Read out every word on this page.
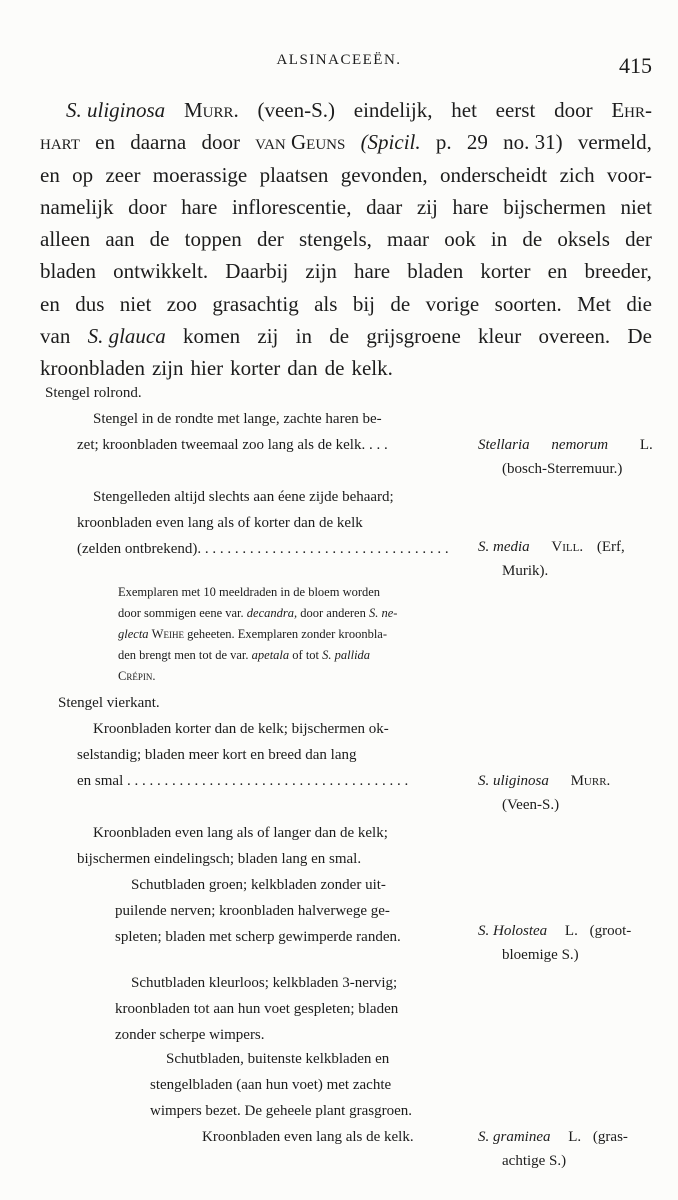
ALSINACEEËN.	415
S. uliginosa Murr. (veen-S.) eindelijk, het eerst door Ehr-
hart en daarna door van Geuns (Spicil. p. 29 no. 31) vermeld,
en op zeer moerassige plaatsen gevonden, onderscheidt zich voor-
namelijk door hare inflorescentie, daar zij hare bijschermen niet
alleen aan de toppen der stengels, maar ook in de oksels der
bladen ontwikkelt. Daarbij zijn hare bladen korter en breeder,
en dus niet zoo grasachtig als bij de vorige soorten. Met die
van S. glauca komen zij in de grijsgroene kleur overeen. De
kroonbladen zijn hier korter dan de kelk.
Stengel rolrond.
Stengel in de rondte met lange, zachte haren be-
zet; kroonbladen tweemaal zoo lang als de kelk. . . .	Stellaria nemorum L.
(bosch-Sterremuur.)
Stengelleden altijd slechts aan éene zijde behaard;
kroonbladen even lang als of korter dan de kelk
(zelden ontbrekend). . . . . . . . . . . . . . . . . . . . . . . . . . . . . . . . . . S. media Vill. (Erf,
Murik).
Exemplaren met 10 meeldraden in de bloem worden
door sommigen eene var. decandra, door anderen S. ne-
glecta Weihe geheeten. Exemplaren zonder kroonbla-
den brengt men tot de var. apetala of tot S. pallida
Crépin.
Stengel vierkant.
Kroonbladen korter dan de kelk; bijschermen ok-
selstandig; bladen meer kort en breed dan lang
en smal . . . . . . . . . . . . . . . . . . . . . . . . . . . . . . . . . . . . . .	S. uliginosa Murr.
(Veen-S.)
Kroonbladen even lang als of langer dan de kelk;
bijschermen eindelingsch; bladen lang en smal.
Schutbladen groen; kelkbladen zonder uit-
puilende nerven; kroonbladen halverwege ge-
spleten; bladen met scherp gewimperde randen.	S. Holostea L. (groot-
bloemige S.)
Schutbladen kleurloos; kelkbladen 3-nervig;
kroonbladen tot aan hun voet gespleten; bladen
zonder scherpe wimpers.
Schutbladen, buitenste kelkbladen en
stengelbladen (aan hun voet) met zachte
wimpers bezet. De geheele plant grasgroen.
Kroonbladen even lang als de kelk.	S. graminea L. (gras-
achtige S.)
